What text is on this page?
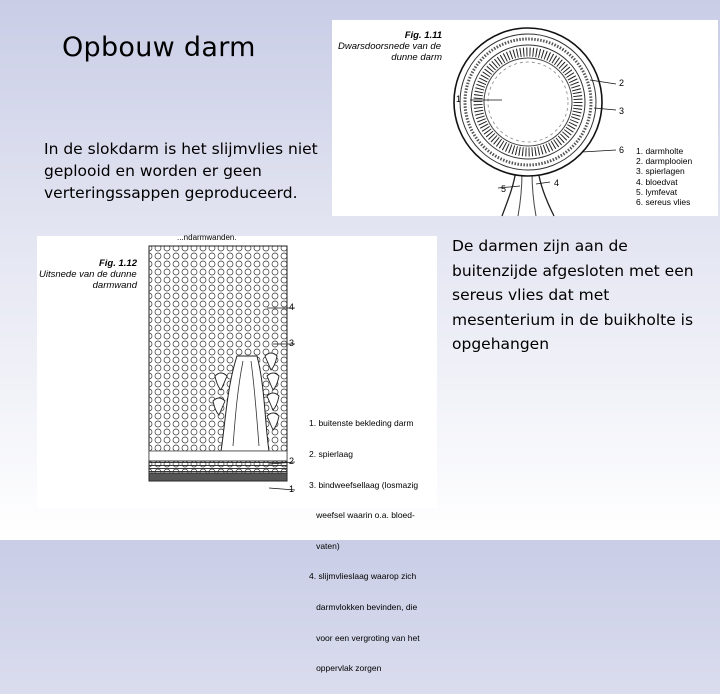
Opbouw darm
In de slokdarm is het slijmvlies niet geplooid en worden er geen verteringssappen geproduceerd.
De darmen zijn aan de buitenzijde afgesloten met een sereus vlies dat met mesenterium in de buikholte is opgehangen
Fig. 1.11
Dwarsdoorsnede van de
dunne darm
1
2
3
6
5
4
1. darmholte
2. darmplooien
3. spierlagen
4. bloedvat
5. lymfevat
6. sereus vlies
...ndarmwanden.
Fig. 1.12
Uitsnede van de dunne
darmwand
4
3
2
1

1. buitenste bekleding darm

2. spierlaag

3. bindweefsellaag (losmazig

weefsel waarin o.a. bloed-

vaten)

4. slijmvlieslaag waarop zich

darmvlokken bevinden, die

voor een vergroting van het

oppervlak zorgen
